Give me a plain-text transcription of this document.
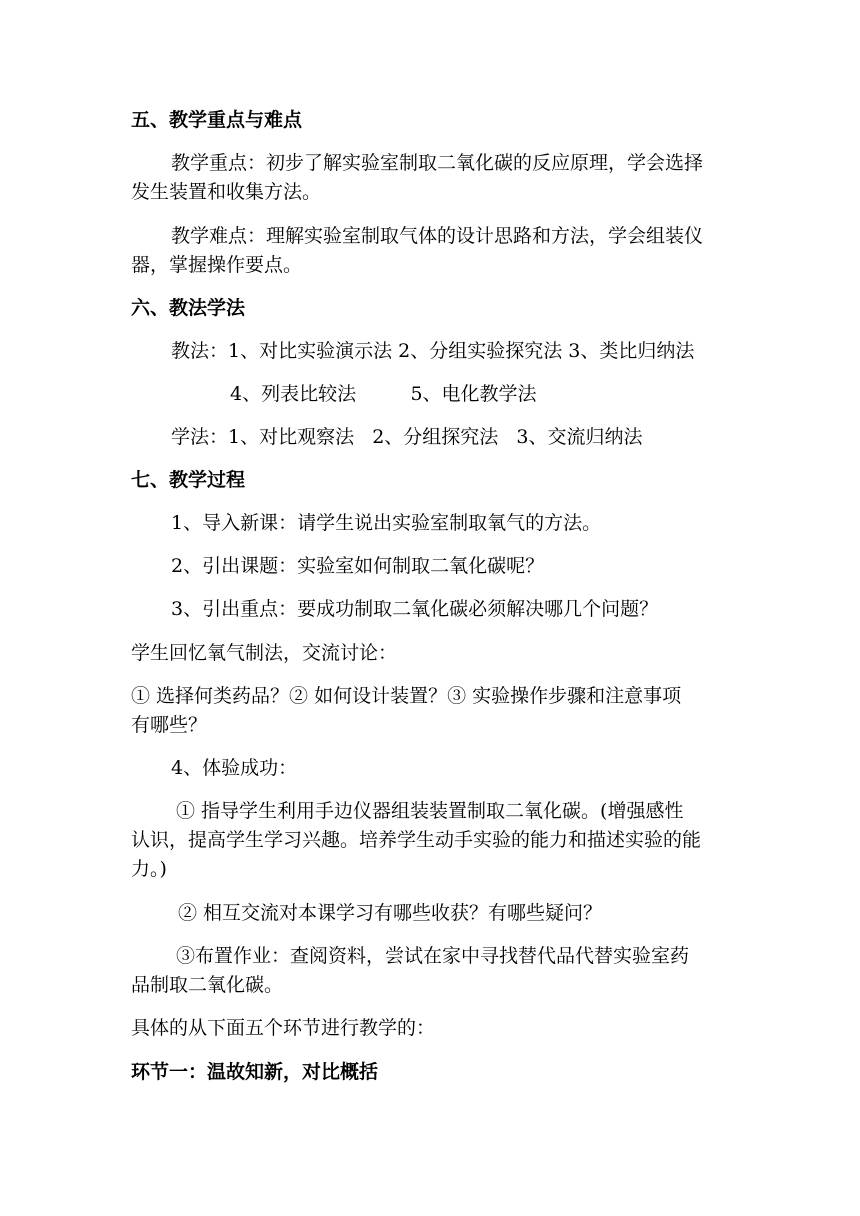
五、教学重点与难点
教学重点：初步了解实验室制取二氧化碳的反应原理，学会选择
发生装置和收集方法。
教学难点：理解实验室制取气体的设计思路和方法，学会组装仪
器，掌握操作要点。
六、教法学法
教法：1、对比实验演示法 2、分组实验探究法 3、类比归纳法
4、列表比较法         5、电化教学法
学法：1、对比观察法   2、分组探究法   3、交流归纳法
七、教学过程
1、导入新课：请学生说出实验室制取氧气的方法。
2、引出课题：实验室如何制取二氧化碳呢？
3、引出重点：要成功制取二氧化碳必须解决哪几个问题？
学生回忆氧气制法，交流讨论：
① 选择何类药品？② 如何设计装置？③ 实验操作步骤和注意事项
有哪些？
4、体验成功：
① 指导学生利用手边仪器组装装置制取二氧化碳。(增强感性
认识，提高学生学习兴趣。培养学生动手实验的能力和描述实验的能
力。)
② 相互交流对本课学习有哪些收获？有哪些疑问？
③布置作业：查阅资料，尝试在家中寻找替代品代替实验室药
品制取二氧化碳。
具体的从下面五个环节进行教学的：
环节一：温故知新，对比概括
